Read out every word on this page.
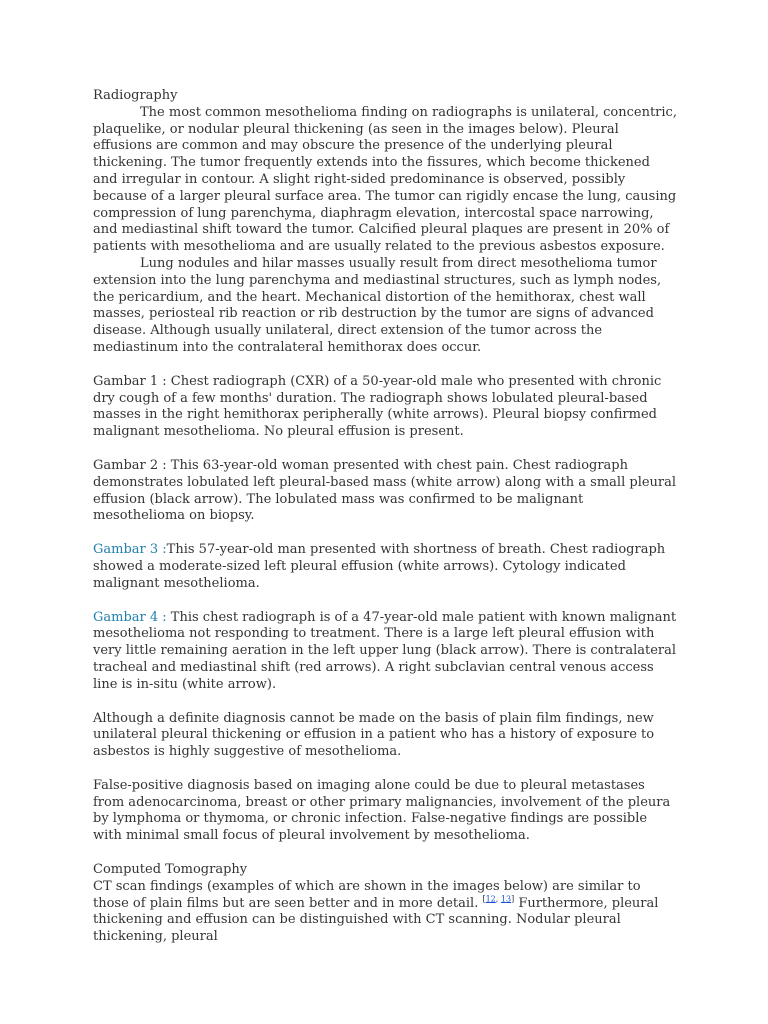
Radiography

The most common mesothelioma finding on radiographs is unilateral, concentric, plaquelike, or nodular pleural thickening (as seen in the images below). Pleural effusions are common and may obscure the presence of the underlying pleural thickening. The tumor frequently extends into the fissures, which become thickened and irregular in contour. A slight right-sided predominance is observed, possibly because of a larger pleural surface area. The tumor can rigidly encase the lung, causing compression of lung parenchyma, diaphragm elevation, intercostal space narrowing, and mediastinal shift toward the tumor. Calcified pleural plaques are present in 20% of patients with mesothelioma and are usually related to the previous asbestos exposure.

Lung nodules and hilar masses usually result from direct mesothelioma tumor extension into the lung parenchyma and mediastinal structures, such as lymph nodes, the pericardium, and the heart. Mechanical distortion of the hemithorax, chest wall masses, periosteal rib reaction or rib destruction by the tumor are signs of advanced disease. Although usually unilateral, direct extension of the tumor across the mediastinum into the contralateral hemithorax does occur.

Gambar 1 : Chest radiograph (CXR) of a 50-year-old male who presented with chronic dry cough of a few months' duration. The radiograph shows lobulated pleural-based masses in the right hemithorax peripherally (white arrows). Pleural biopsy confirmed malignant mesothelioma. No pleural effusion is present.

Gambar 2 : This 63-year-old woman presented with chest pain. Chest radiograph demonstrates lobulated left pleural-based mass (white arrow) along with a small pleural effusion (black arrow). The lobulated mass was confirmed to be malignant mesothelioma on biopsy.

Gambar 3 :This 57-year-old man presented with shortness of breath. Chest radiograph showed a moderate-sized left pleural effusion (white arrows). Cytology indicated malignant mesothelioma.

Gambar 4 : This chest radiograph is of a 47-year-old male patient with known malignant mesothelioma not responding to treatment. There is a large left pleural effusion with very little remaining aeration in the left upper lung (black arrow). There is contralateral tracheal and mediastinal shift (red arrows). A right subclavian central venous access line is in-situ (white arrow).

Although a definite diagnosis cannot be made on the basis of plain film findings, new unilateral pleural thickening or effusion in a patient who has a history of exposure to asbestos is highly suggestive of mesothelioma.

False-positive diagnosis based on imaging alone could be due to pleural metastases from adenocarcinoma, breast or other primary malignancies, involvement of the pleura by lymphoma or thymoma, or chronic infection. False-negative findings are possible with minimal small focus of pleural involvement by mesothelioma.

Computed Tomography

CT scan findings (examples of which are shown in the images below) are similar to those of plain films but are seen better and in more detail. [12, 13] Furthermore, pleural thickening and effusion can be distinguished with CT scanning. Nodular pleural thickening, pleural
